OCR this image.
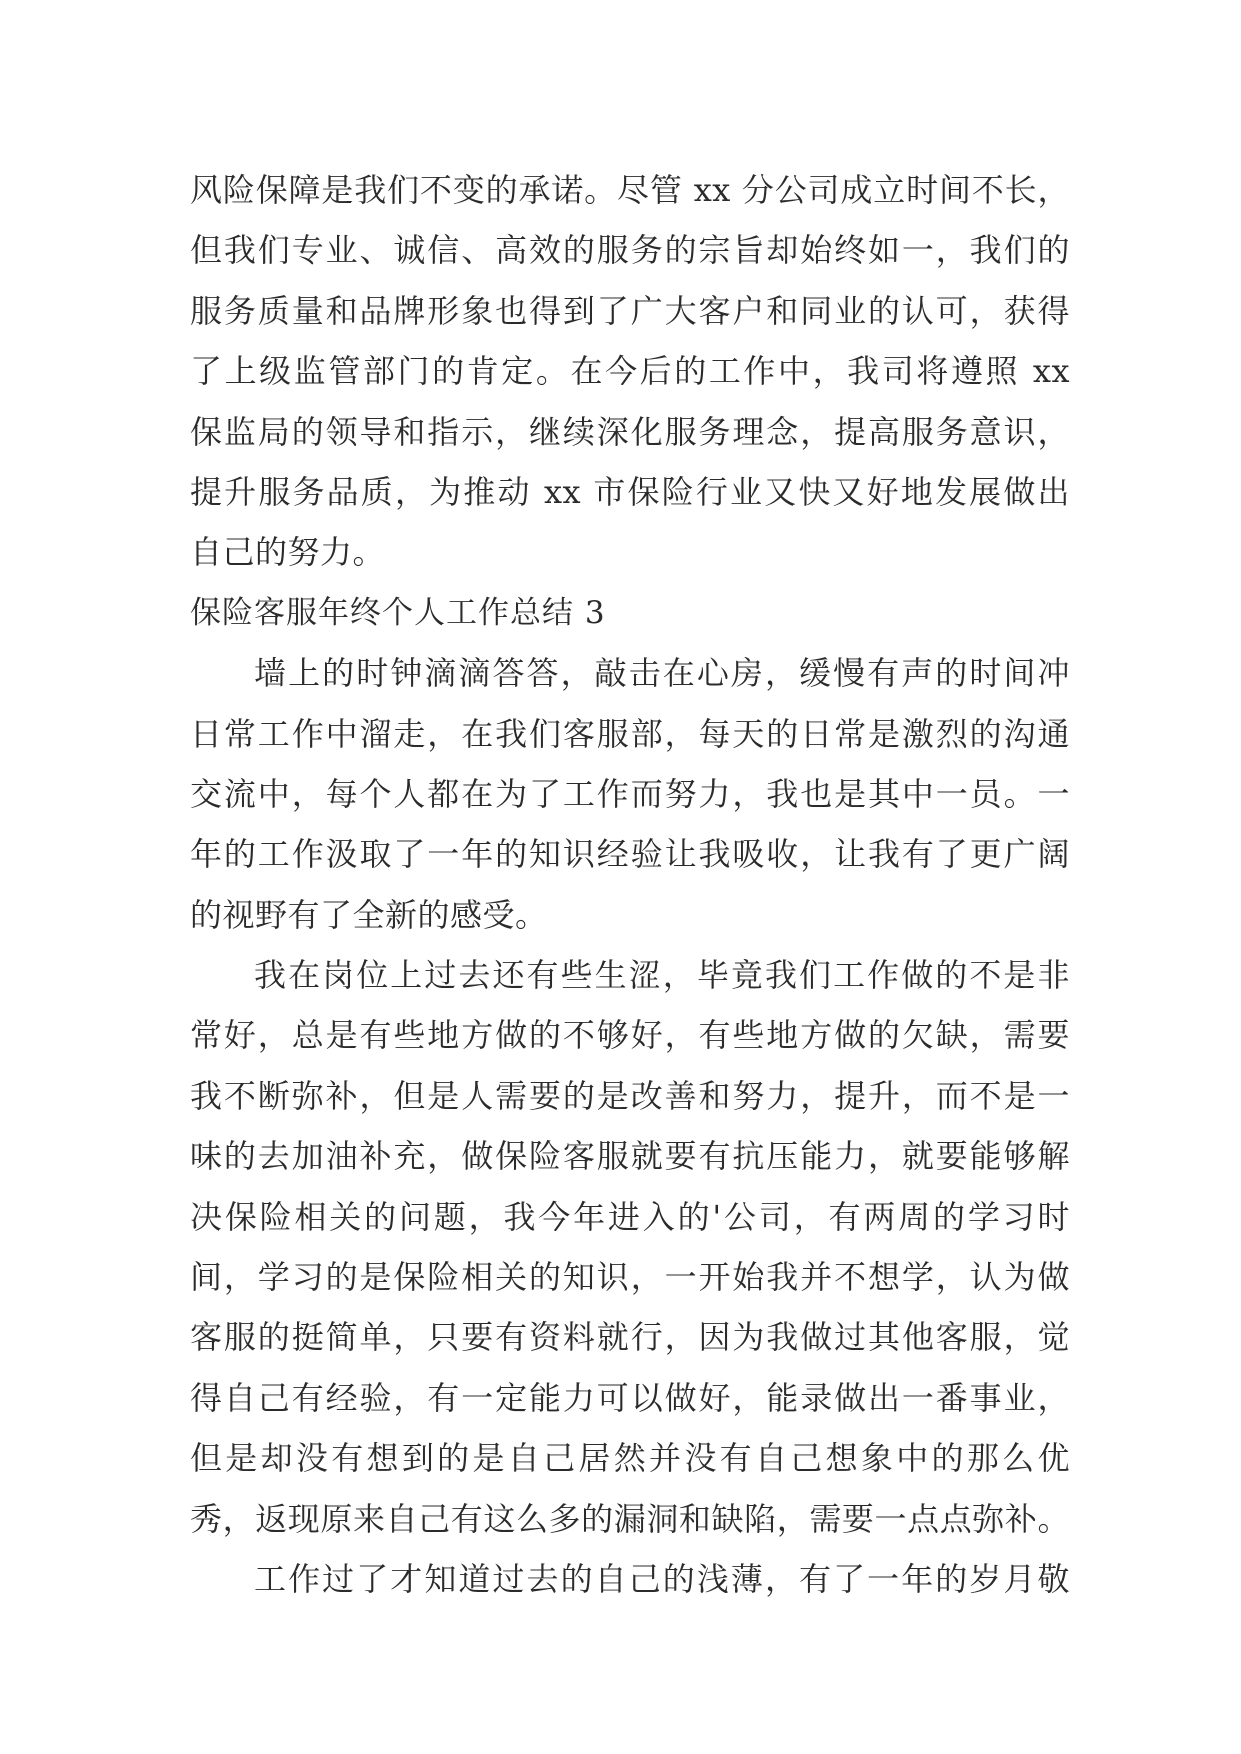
风险保障是我们不变的承诺。尽管 xx 分公司成立时间不长，
但我们专业、诚信、高效的服务的宗旨却始终如一，我们的
服务质量和品牌形象也得到了广大客户和同业的认可，获得
了上级监管部门的肯定。在今后的工作中，我司将遵照 xx
保监局的领导和指示，继续深化服务理念，提高服务意识，
提升服务品质，为推动 xx 市保险行业又快又好地发展做出
自己的努力。
保险客服年终个人工作总结 3
墙上的时钟滴滴答答，敲击在心房，缓慢有声的时间冲
日常工作中溜走，在我们客服部，每天的日常是激烈的沟通
交流中，每个人都在为了工作而努力，我也是其中一员。一
年的工作汲取了一年的知识经验让我吸收，让我有了更广阔
的视野有了全新的感受。
我在岗位上过去还有些生涩，毕竟我们工作做的不是非
常好，总是有些地方做的不够好，有些地方做的欠缺，需要
我不断弥补，但是人需要的是改善和努力，提升，而不是一
味的去加油补充，做保险客服就要有抗压能力，就要能够解
决保险相关的问题，我今年进入的'公司，有两周的学习时
间，学习的是保险相关的知识，一开始我并不想学，认为做
客服的挺简单，只要有资料就行，因为我做过其他客服，觉
得自己有经验，有一定能力可以做好，能录做出一番事业，
但是却没有想到的是自己居然并没有自己想象中的那么优
秀，返现原来自己有这么多的漏洞和缺陷，需要一点点弥补。
工作过了才知道过去的自己的浅薄，有了一年的岁月敬
